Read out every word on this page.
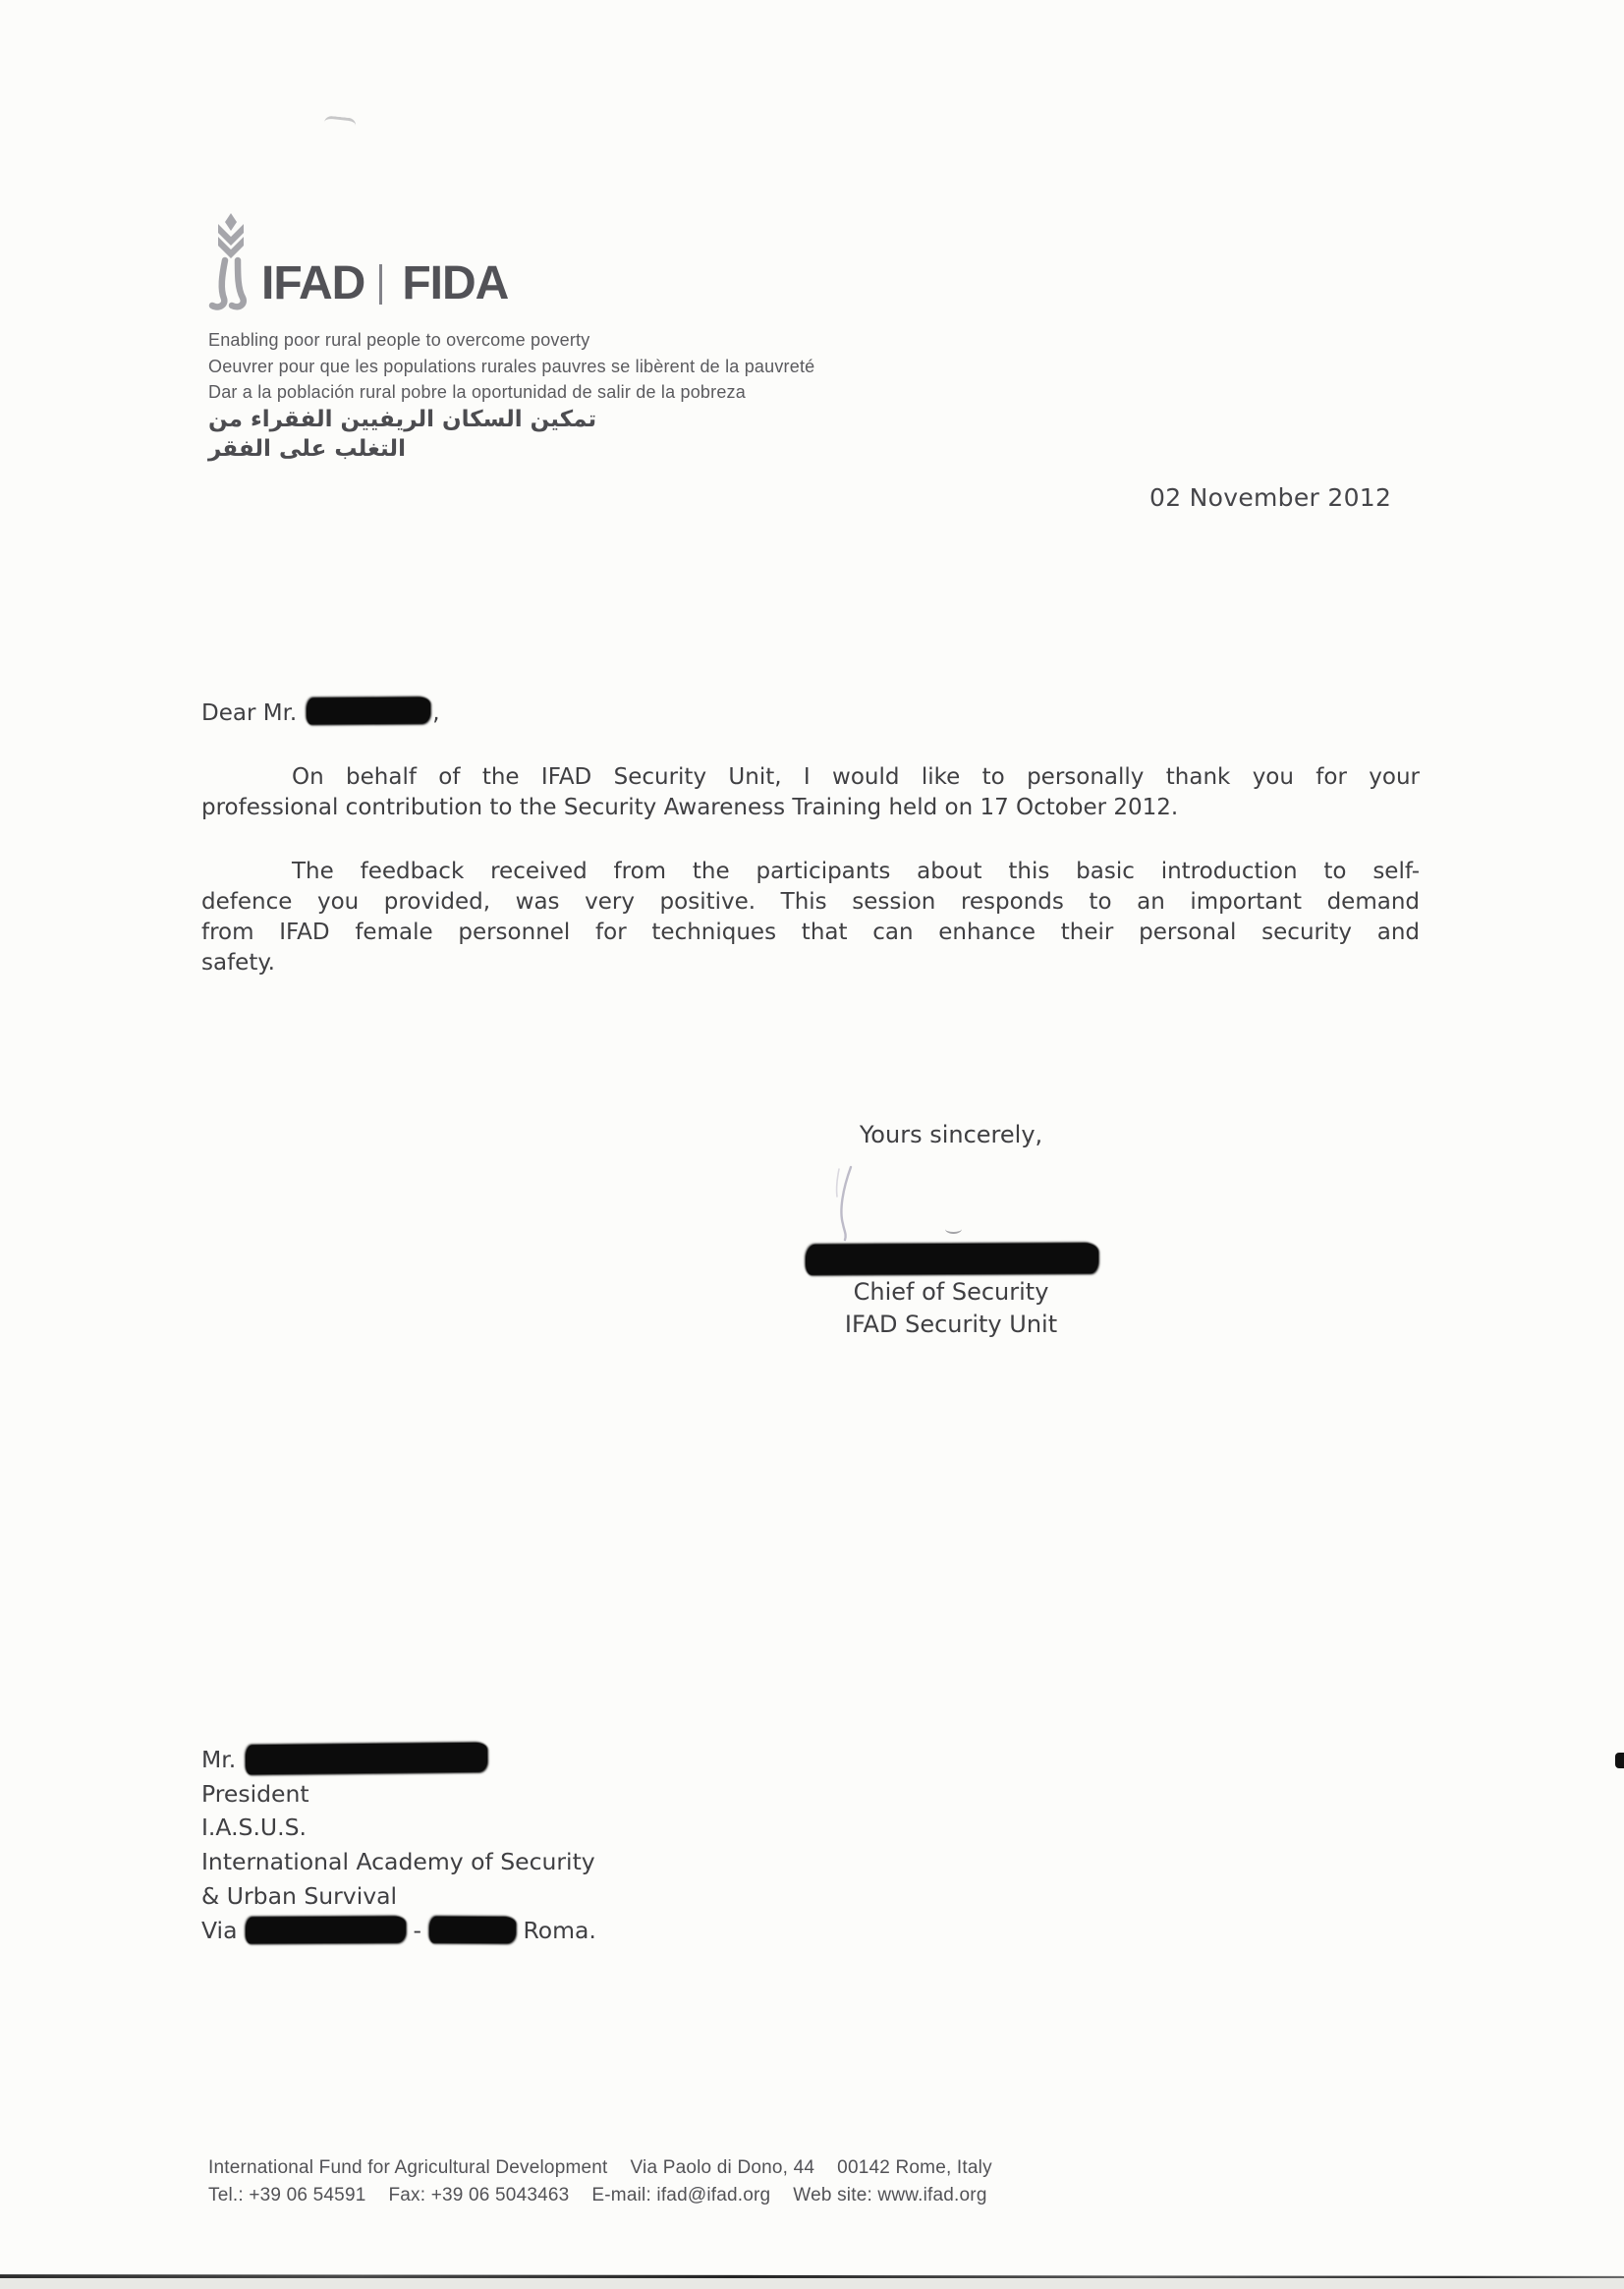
IFAD FIDA
Enabling poor rural people to overcome poverty
Oeuvrer pour que les populations rurales pauvres se libèrent de la pauvreté
Dar a la población rural pobre la oportunidad de salir de la pobreza
تمكين السكان الريفيين الفقراء من التغلب على الفقر
02 November 2012
Dear Mr.	,
On behalf of the IFAD Security Unit, I would like to personally thank you for your
professional contribution to the Security Awareness Training held on 17 October 2012.
The feedback received from the participants about this basic introduction to self-
defence you provided, was very positive. This session responds to an important demand
from IFAD female personnel for techniques that can enhance their personal security and
safety.
Yours sincerely,
Chief of Security
IFAD Security Unit
Mr.
President
I.A.S.U.S.
International Academy of Security
& Urban Survival
Via	-	Roma.
International Fund for Agricultural Development Via Paolo di Dono, 44 00142 Rome, Italy
Tel.: +39 06 54591 Fax: +39 06 5043463 E-mail: ifad@ifad.org Web site: www.ifad.org
